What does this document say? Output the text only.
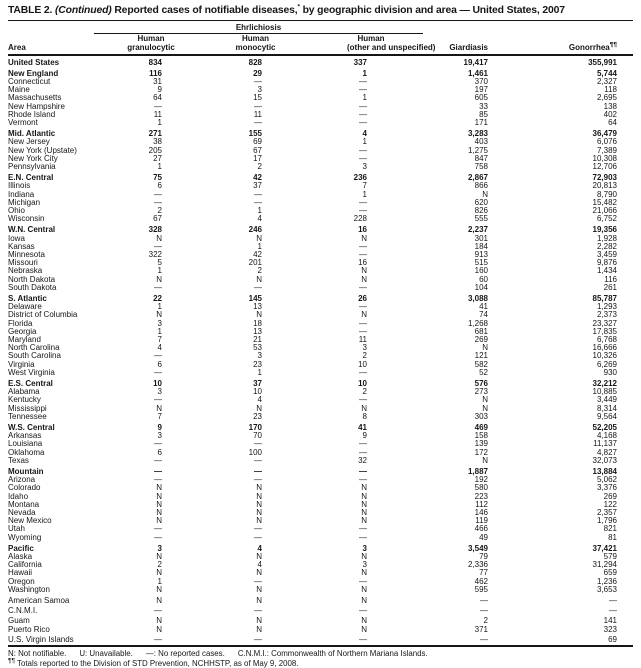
TABLE 2. (Continued) Reported cases of notifiable diseases,* by geographic division and area — United States, 2007

	Ehrlichiosis				

Area	
Human
granulocytic

Human
monocytic

Human
(other and unspecified)	Giardiasis	Gonorrhea¶¶
United States	834	828	337	19,417	355,991
New England	116	29	1	1,461	5,744
Connecticut	31	—	—	370	2,327
Maine	9	3	—	197	118
Massachusetts	64	15	1	605	2,695
New Hampshire	—	—	—	33	138
Rhode Island	11	11	—	85	402
Vermont	1	—	—	171	64
Mid. Atlantic	271	155	4	3,283	36,479
New Jersey	38	69	1	403	6,076
New York (Upstate)	205	67	—	1,275	7,389
New York City	27	17	—	847	10,308
Pennsylvania	1	2	3	758	12,706
E.N. Central	75	42	236	2,867	72,903
Illinois	6	37	7	866	20,813
Indiana	—	—	1	N	8,790
Michigan	—	—	—	620	15,482
Ohio	2	1	—	826	21,066
Wisconsin	67	4	228	555	6,752
W.N. Central	328	246	16	2,237	19,356
Iowa	N	N	N	301	1,928
Kansas	—	1	—	184	2,282
Minnesota	322	42	—	913	3,459
Missouri	5	201	16	515	9,876
Nebraska	1	2	N	160	1,434
North Dakota	N	N	N	60	116
South Dakota	—	—	—	104	261
S. Atlantic	22	145	26	3,088	85,787
Delaware	1	13	—	41	1,293
District of Columbia	N	N	N	74	2,373
Florida	3	18	—	1,268	23,327
Georgia	1	13	—	681	17,835
Maryland	7	21	11	269	6,768
North Carolina	4	53	3	N	16,666
South Carolina	—	3	2	121	10,326
Virginia	6	23	10	582	6,269
West Virginia	—	1	—	52	930
E.S. Central	10	37	10	576	32,212
Alabama	3	10	2	273	10,885
Kentucky	—	4	—	N	3,449
Mississippi	N	N	N	N	8,314
Tennessee	7	23	8	303	9,564
W.S. Central	9	170	41	469	52,205
Arkansas	3	70	9	158	4,168
Louisiana	—	—	—	139	11,137
Oklahoma	6	100	—	172	4,827
Texas	—	—	32	N	32,073
Mountain	—	—	—	1,887	13,884
Arizona	—	—	—	192	5,062
Colorado	N	N	N	580	3,376
Idaho	N	N	N	223	269
Montana	N	N	N	112	122
Nevada	N	N	N	146	2,357
New Mexico	N	N	N	119	1,796
Utah	—	—	—	466	821
Wyoming	—	—	—	49	81
Pacific	3	4	3	3,549	37,421
Alaska	N	N	N	79	579
California	2	4	3	2,336	31,294
Hawaii	N	N	N	77	659
Oregon	1	—	—	462	1,236
Washington	N	N	N	595	3,653
American Samoa	N	N	N	—	—
C.N.M.I.	—	—	—	—	—
Guam	N	N	N	2	141
Puerto Rico	N	N	N	371	323
U.S. Virgin Islands	—	—	—	—	69
N: Not notifiable. U: Unavailable. —: No reported cases. C.N.M.I.: Commonwealth of Northern Mariana Islands.
¶¶ Totals reported to the Division of STD Prevention, NCHHSTP, as of May 9, 2008.
